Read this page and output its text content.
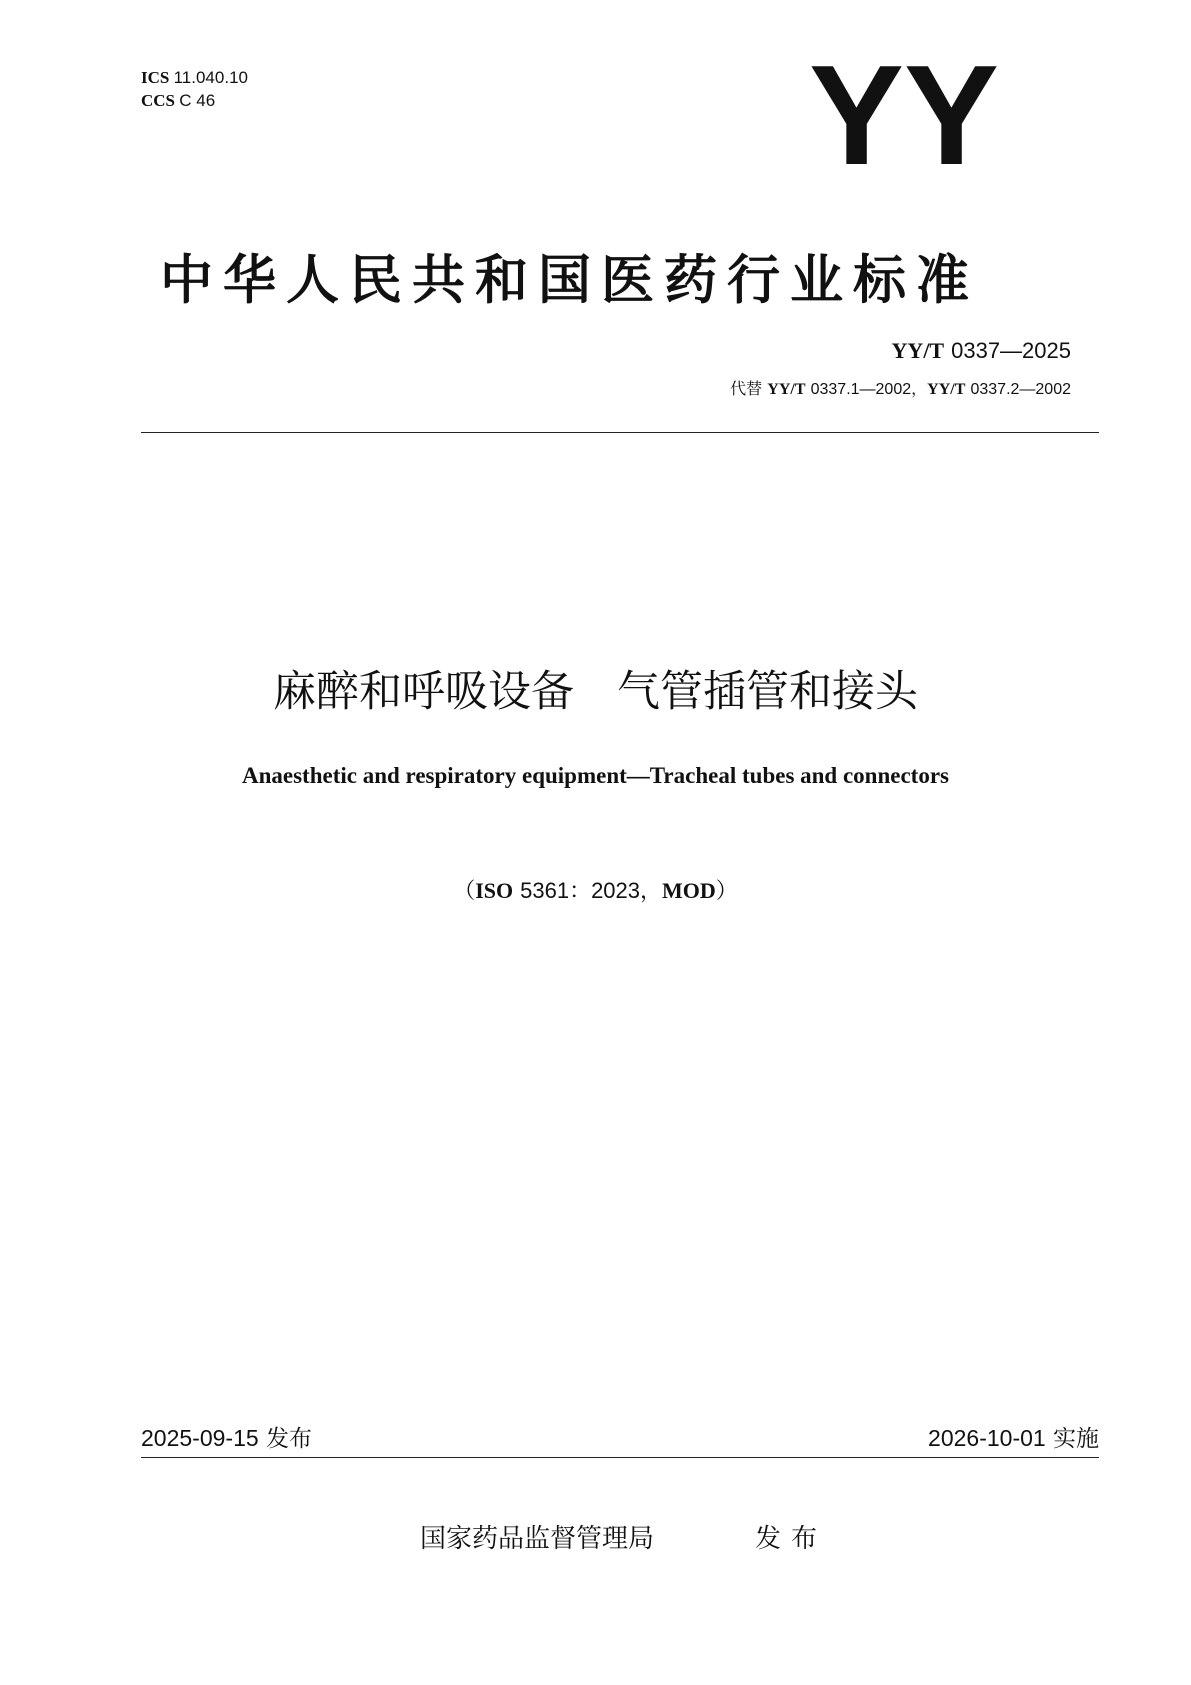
ICS 11.040.10
CCS C 46	YY
中华人民共和国医药行业标准
YY/T 0337—2025
代替 YY/T 0337.1—2002，YY/T 0337.2—2002
麻醉和呼吸设备　气管插管和接头
Anaesthetic and respiratory equipment—Tracheal tubes and connectors
（ISO 5361：2023，MOD）
2025-09-15 发布	2026-10-01 实施
国家药品监督管理局	发布
